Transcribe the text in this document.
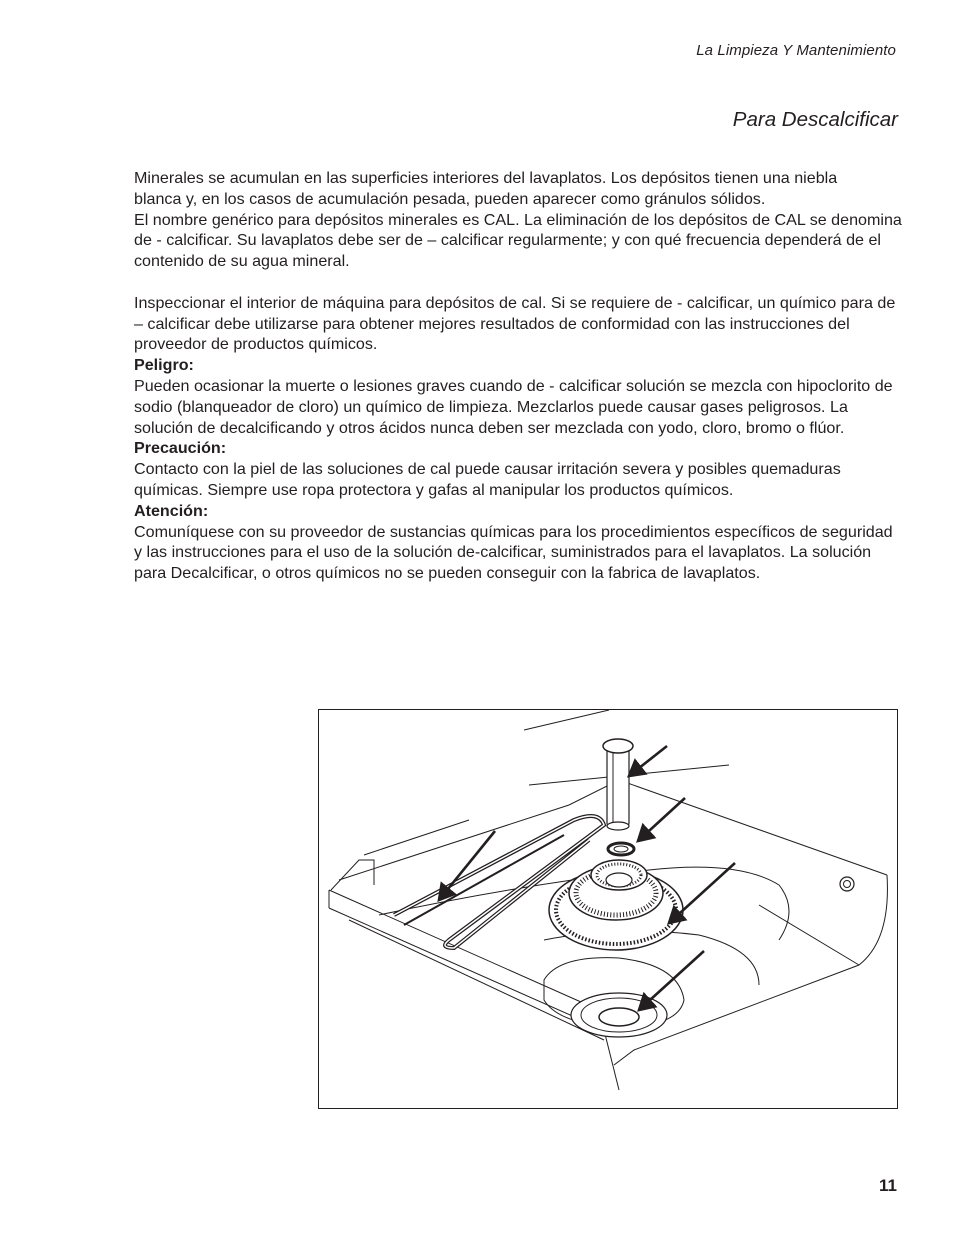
La Limpieza Y Mantenimiento
Para Descalcificar

Minerales se acumulan en las superficies interiores del lavaplatos. Los depósitos tienen una niebla
blanca y, en los casos de acumulación pesada, pueden aparecer como gránulos sólidos.

El nombre genérico para depósitos minerales es CAL. La eliminación de los depósitos de CAL se denomina de - calcificar. Su lavaplatos debe ser de – calcificar regularmente; y con qué frecuencia dependerá de el contenido de su agua mineral.

Inspeccionar el interior de máquina para depósitos de cal. Si se requiere de - calcificar, un químico para de – calcificar debe utilizarse para obtener mejores resultados de conformidad con las instrucciones del proveedor de productos químicos.

Peligro:

Pueden ocasionar la muerte o lesiones graves cuando de - calcificar solución se mezcla con hipoclorito de sodio (blanqueador de cloro) un químico de limpieza. Mezclarlos puede causar gases peligrosos. La solución de decalcificando y otros ácidos nunca deben ser mezclada con yodo, cloro, bromo o flúor.

Precaución:

Contacto con la piel de las soluciones de cal puede causar irritación severa y posibles quemaduras químicas. Siempre use ropa protectora y gafas al manipular los productos químicos.

Atención:

Comuníquese con su proveedor de sustancias químicas para los procedimientos específicos de seguridad y las instrucciones para el uso de la solución de-calcificar, suministrados para el lavaplatos. La solución para Decalcificar, o otros químicos no se pueden conseguir con la fabrica de lavaplatos.

11
